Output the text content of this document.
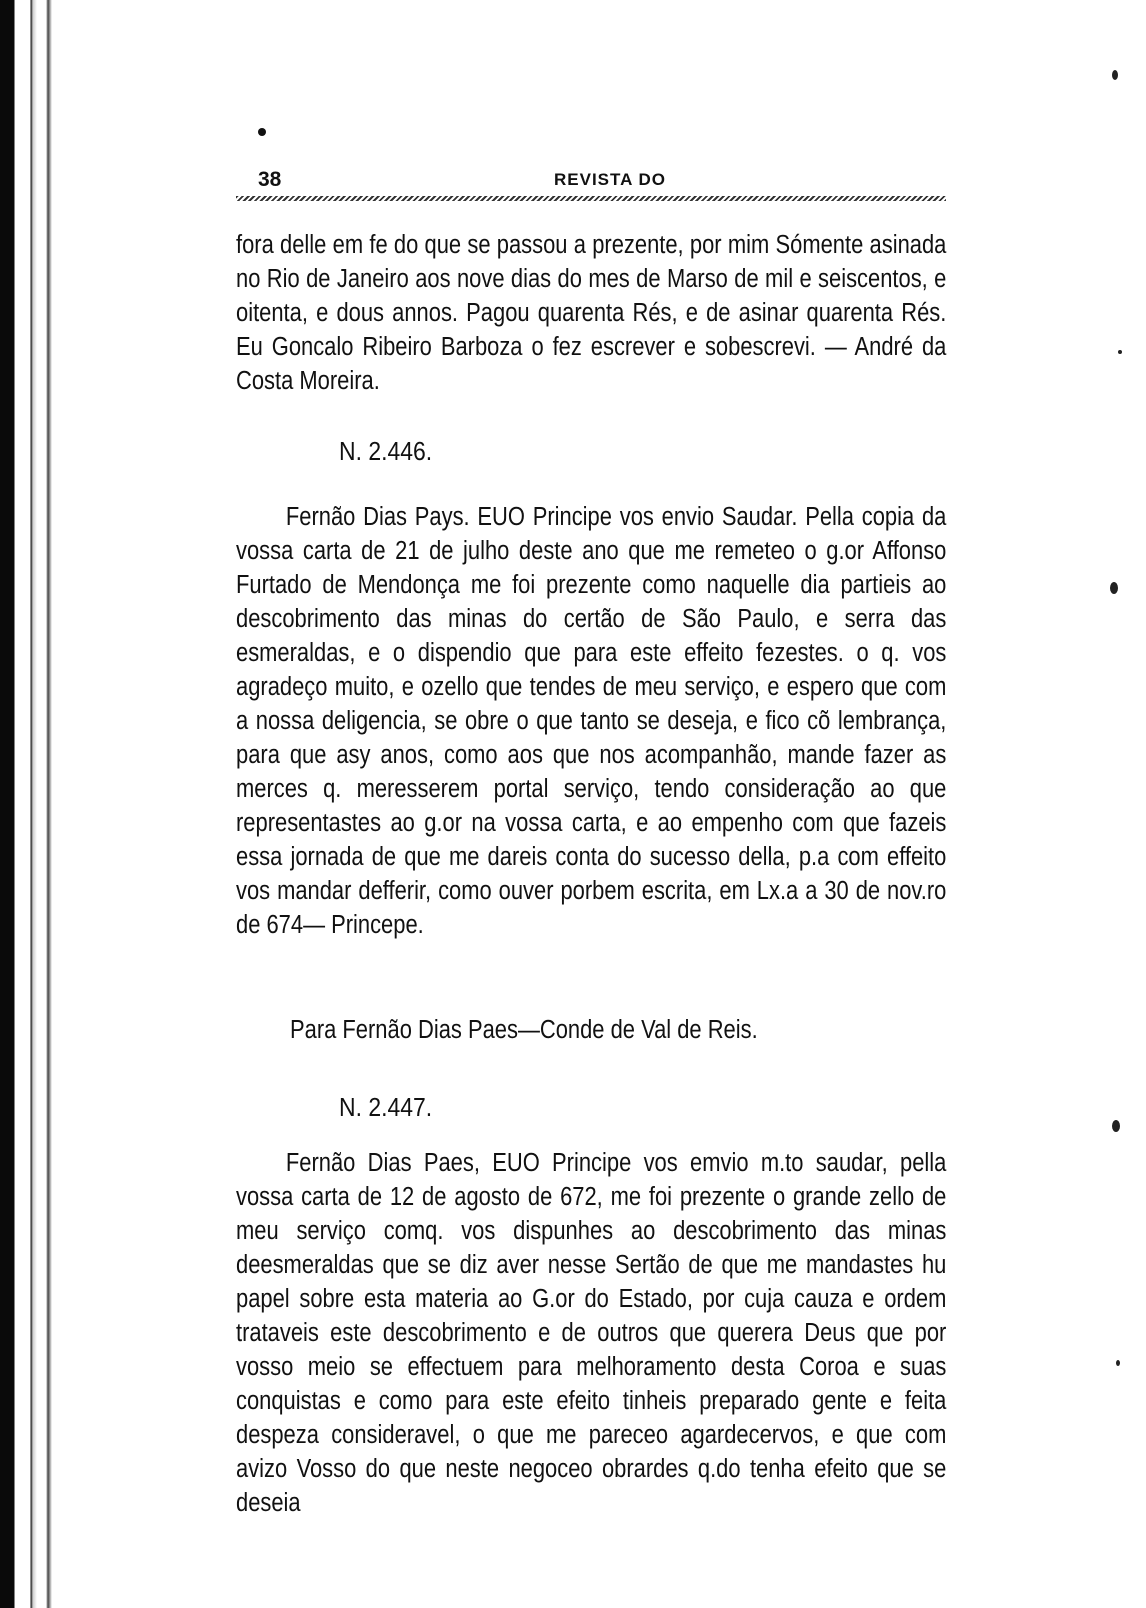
38	REVISTA DO

fora delle em fe do que se passou a prezente, por mim Sómente asinada no Rio de Janeiro aos nove dias do mes de Marso de mil e seiscentos, e oitenta, e dous annos. Pagou quarenta Rés, e de asinar quarenta Rés. Eu Goncalo Ribeiro Barboza o fez escrever e sobescrevi. — André da Costa Moreira.

N. 2.446.

Fernão Dias Pays. EUO Principe vos envio Saudar. Pella copia da vossa carta de 21 de julho deste ano que me remeteo o g.or Affonso Furtado de Mendonça me foi prezente como naquelle dia partieis ao descobrimento das minas do certão de São Paulo, e serra das esmeraldas, e o dispendio que para este effeito fezestes. o q. vos agradeço muito, e ozello que tendes de meu serviço, e espero que com a nossa deligencia, se obre o que tanto se deseja, e fico cõ lembrança, para que asy anos, como aos que nos acompanhão, mande fazer as merces q. meresserem portal serviço, tendo consideração ao que representastes ao g.or na vossa carta, e ao empenho com que fazeis essa jornada de que me dareis conta do sucesso della, p.a com effeito vos mandar defferir, como ouver porbem escrita, em Lx.a a 30 de nov.ro de 674— Princepe.

Para Fernão Dias Paes—Conde de Val de Reis.
N. 2.447.

Fernão Dias Paes, EUO Principe vos emvio m.to saudar, pella vossa carta de 12 de agosto de 672, me foi prezente o grande zello de meu serviço comq. vos dispunhes ao descobrimento das minas deesmeraldas que se diz aver nesse Sertão de que me mandastes hu papel sobre esta materia ao G.or do Estado, por cuja cauza e ordem trataveis este descobrimento e de outros que querera Deus que por vosso meio se effectuem para melhoramento desta Coroa e suas conquistas e como para este efeito tinheis preparado gente e feita despeza consideravel, o que me pareceo agardecervos, e que com avizo Vosso do que neste negoceo obrardes q.do tenha efeito que se deseia
